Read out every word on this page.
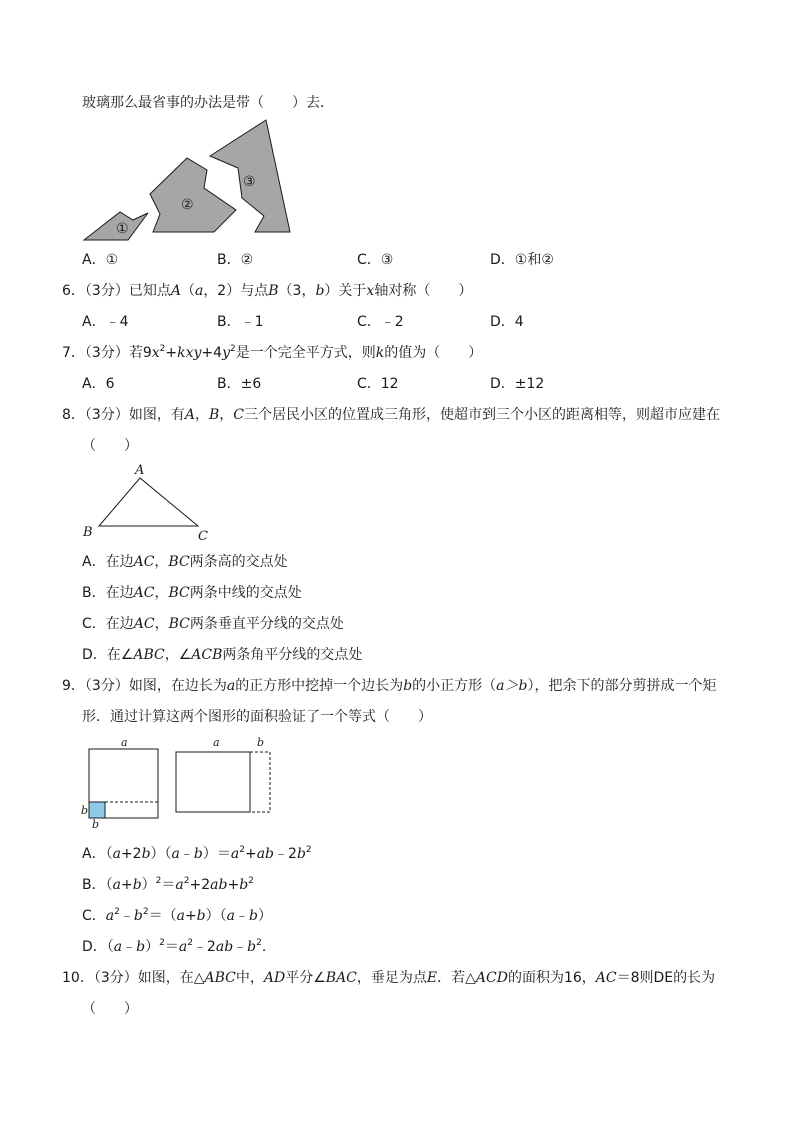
玻璃那么最省事的办法是带（　　）去．
①
②
③
A．①	B．②	C．③	D．①和②
6．（3分）已知点A（a，2）与点B（3，b）关于x轴对称（　　）
A．﹣4	B．﹣1	C．﹣2	D．4
7．（3分）若$9x^2+kxy+4y^2$是一个完全平方式，则k的值为（　　）
A．6	B．±6	C．12	D．±12
8．（3分）如图，有A，B，C三个居民小区的位置成三角形，使超市到三个小区的距离相等，则超市应建在
（　　）
A
B	C
A．在边AC，BC两条高的交点处
B．在边AC，BC两条中线的交点处
C．在边AC，BC两条垂直平分线的交点处
D．在∠ABC，∠ACB两条角平分线的交点处
9．（3分）如图，在边长为a的正方形中挖掉一个边长为b的小正方形（a＞b），把余下的部分剪拼成一个矩
形．通过计算这两个图形的面积验证了一个等式（　　）
a
b
b
a	b
A．$(a+2b)(a﹣b)=a^2+ab﹣2b^2$
B．$(a+b)^2=a^2+2ab+b^2$
C．$a^2﹣b^2=(a+b)(a﹣b)$
D．$(a﹣b)^2=a^2﹣2ab﹣b^2$．
10．（3分）如图，在△ABC中，AD平分∠BAC，垂足为点E．若△ACD的面积为16，AC＝8则DE的长为
（　　）
